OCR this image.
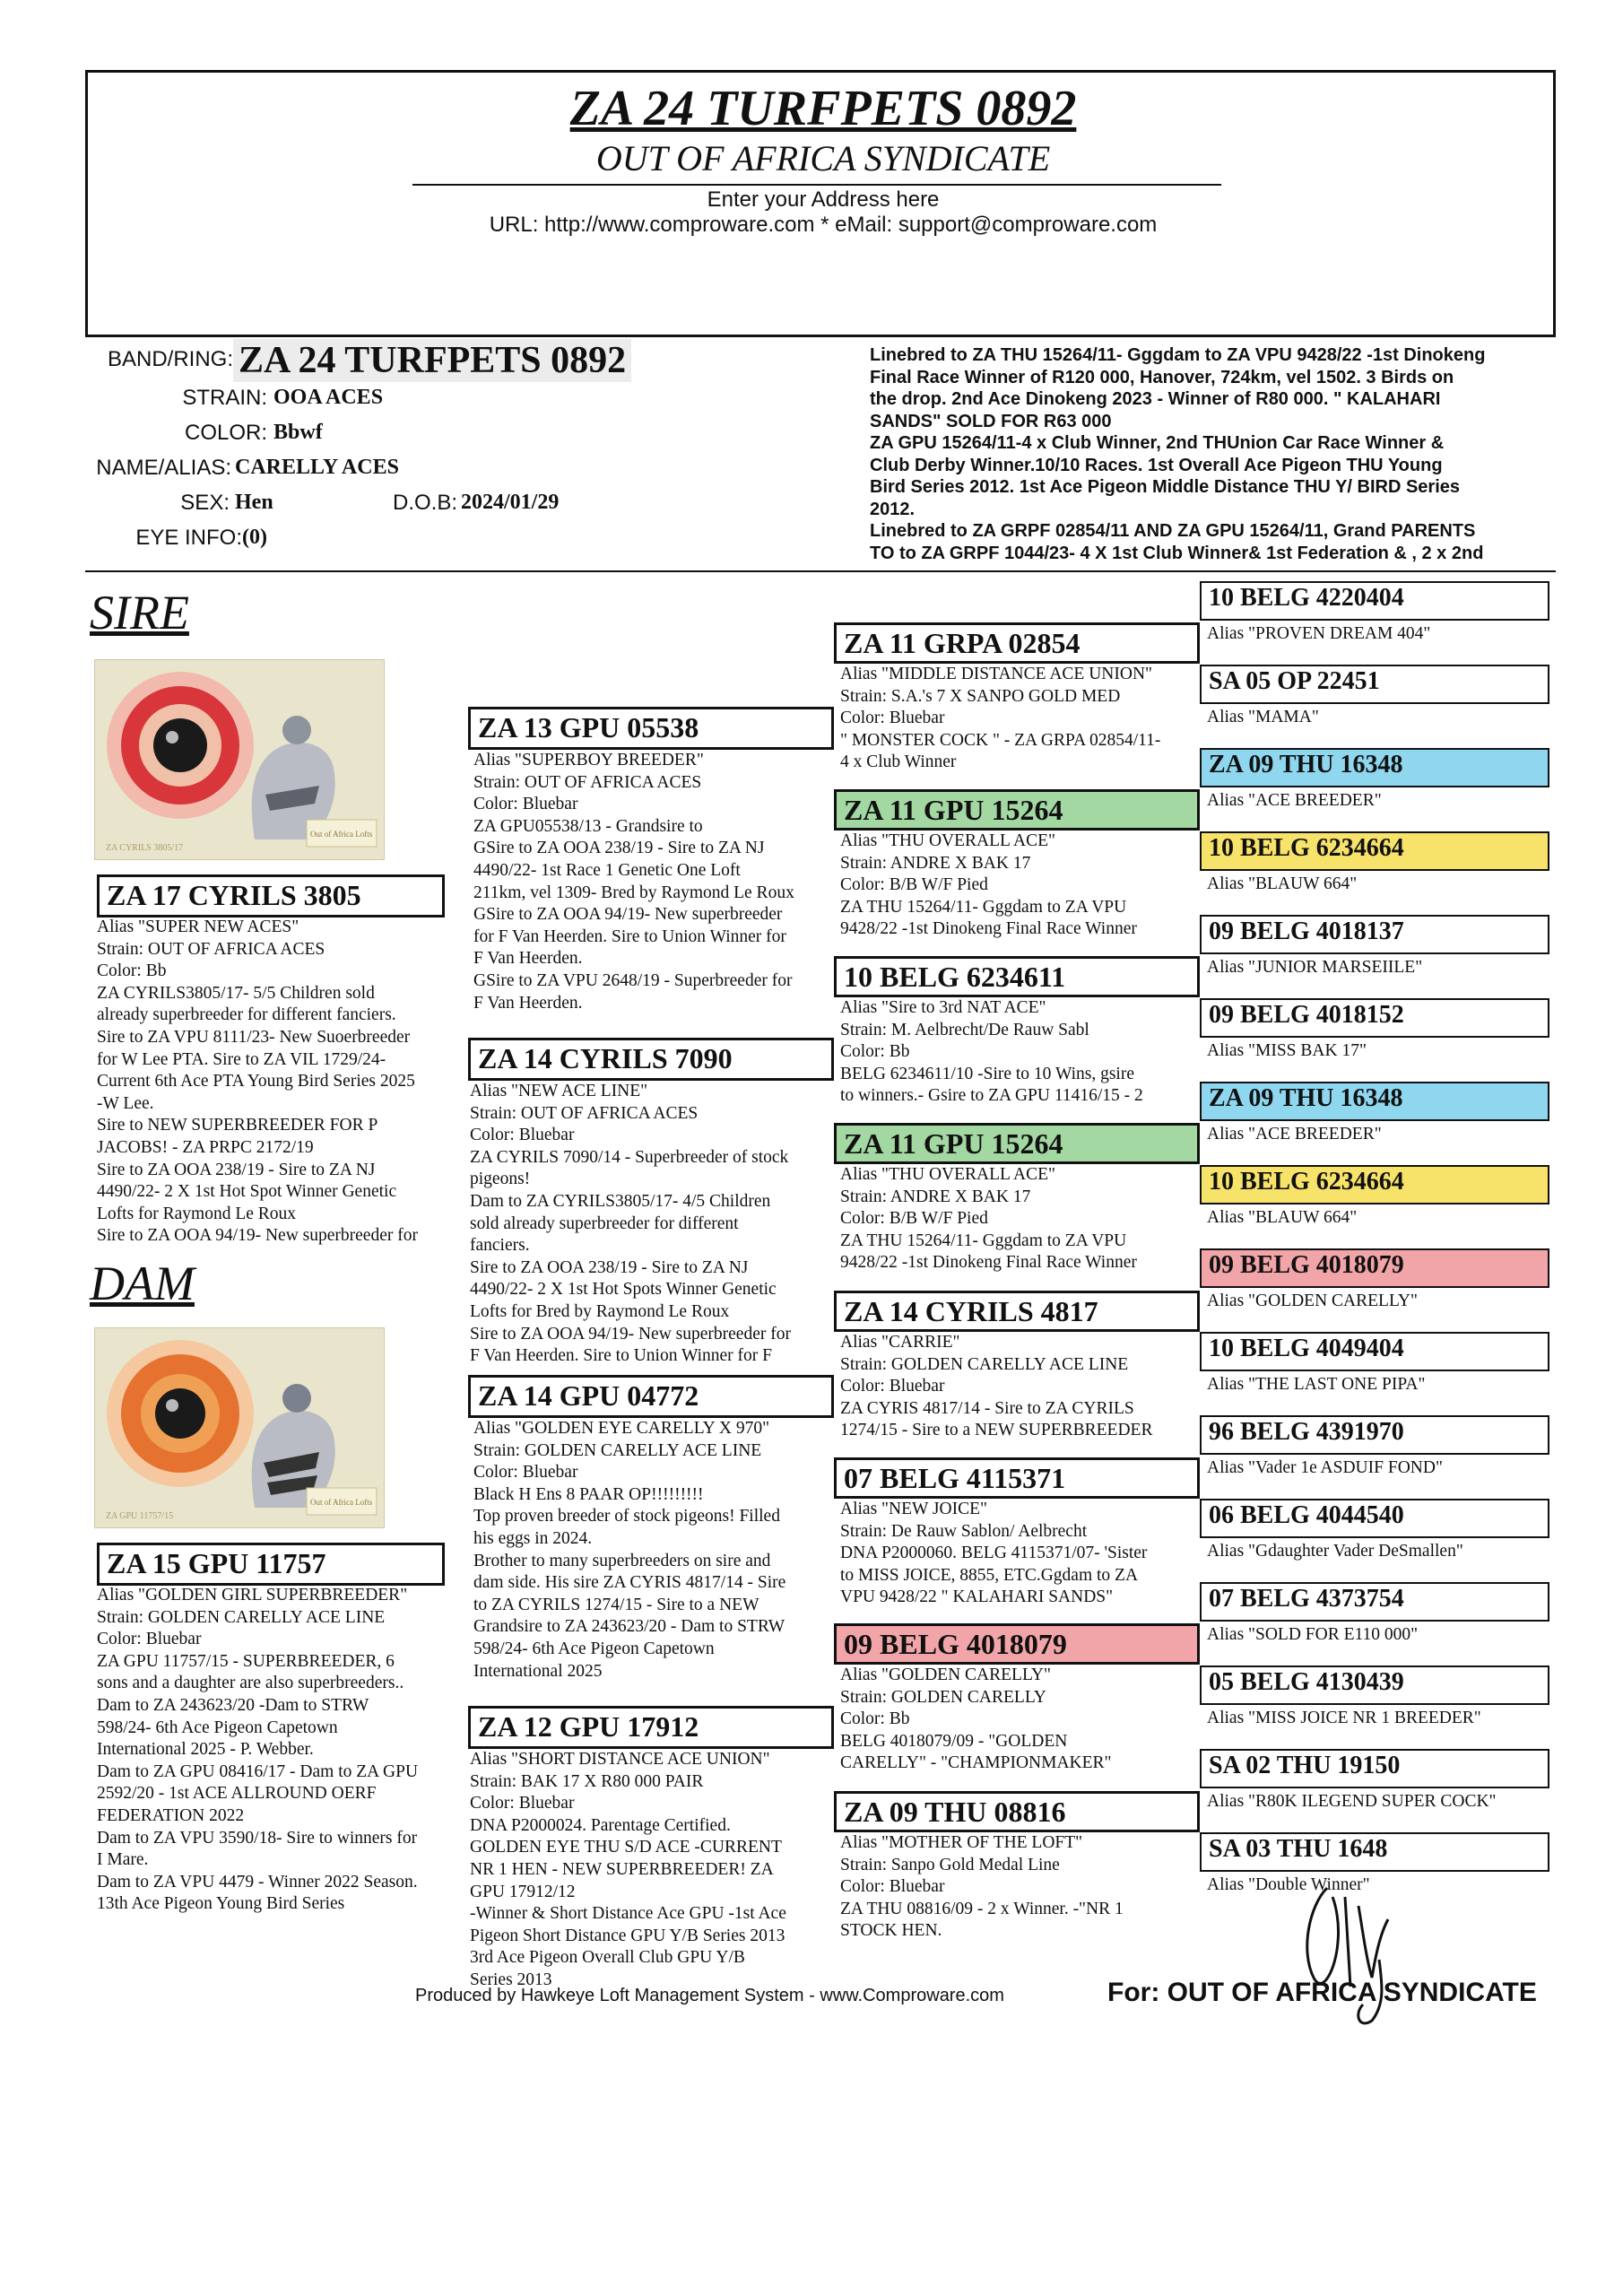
ZA 24 TURFPETS 0892
OUT OF AFRICA SYNDICATE
Enter your Address here
URL: http://www.comproware.com * eMail: support@comproware.com
BAND/RING: ZA 24 TURFPETS 0892
STRAIN: OOA ACES
COLOR: Bbwf
NAME/ALIAS: CARELLY ACES
SEX: Hen	D.O.B: 2024/01/29
EYE INFO: (0)
Linebred to ZA THU 15264/11- Gggdam to ZA VPU 9428/22 -1st Dinokeng
Final Race Winner of R120 000, Hanover, 724km, vel 1502. 3 Birds on
the drop. 2nd Ace Dinokeng 2023 - Winner of R80 000. " KALAHARI
SANDS" SOLD FOR R63 000
ZA GPU 15264/11-4 x Club Winner, 2nd THUnion Car Race Winner &
Club Derby Winner.10/10 Races. 1st Overall Ace Pigeon THU Young
Bird Series 2012. 1st Ace Pigeon Middle Distance THU Y/ BIRD Series
2012.
Linebred to ZA GRPF 02854/11 AND ZA GPU 15264/11, Grand PARENTS
TO to ZA GRPF 1044/23- 4 X 1st Club Winner& 1st Federation & , 2 x 2nd
SIRE
ZA CYRILS 3805/17
Out of Africa Lofts
ZA 17 CYRILS 3805
Alias "SUPER NEW ACES"
Strain: OUT OF AFRICA ACES
Color: Bb
ZA CYRILS3805/17- 5/5 Children sold
already superbreeder for different fanciers.
Sire to ZA VPU 8111/23- New Suoerbreeder
for W Lee PTA. Sire to ZA VIL 1729/24-
Current 6th Ace PTA Young Bird Series 2025
-W Lee.
Sire to NEW SUPERBREEDER FOR P
JACOBS! - ZA PRPC 2172/19
Sire to ZA OOA 238/19 - Sire to ZA NJ
4490/22- 2 X 1st Hot Spot Winner Genetic
Lofts for Raymond Le Roux
Sire to ZA OOA 94/19- New superbreeder for
DAM
ZA GPU 11757/15
Out of Africa Lofts
ZA 15 GPU 11757
Alias "GOLDEN GIRL SUPERBREEDER"
Strain: GOLDEN CARELLY ACE LINE
Color: Bluebar
ZA GPU 11757/15 - SUPERBREEDER, 6
sons and a daughter are also superbreeders..
Dam to ZA 243623/20 -Dam to STRW
598/24- 6th Ace Pigeon Capetown
International 2025 - P. Webber.
Dam to ZA GPU 08416/17 - Dam to ZA GPU
2592/20 - 1st ACE ALLROUND OERF
FEDERATION 2022
Dam to ZA VPU 3590/18- Sire to winners for
I Mare.
Dam to ZA VPU 4479 - Winner 2022 Season.
13th Ace Pigeon Young Bird Series
ZA 13 GPU 05538
Alias "SUPERBOY BREEDER"
Strain: OUT OF AFRICA ACES
Color: Bluebar
ZA GPU05538/13 - Grandsire to
GSire to ZA OOA 238/19 - Sire to ZA NJ
4490/22- 1st Race 1 Genetic One Loft
211km, vel 1309- Bred by Raymond Le Roux
GSire to ZA OOA 94/19- New superbreeder
for F Van Heerden. Sire to Union Winner for
F Van Heerden.
GSire to ZA VPU 2648/19 - Superbreeder for
F Van Heerden.
ZA 14 CYRILS 7090
Alias "NEW ACE LINE"
Strain: OUT OF AFRICA ACES
Color: Bluebar
ZA CYRILS 7090/14 - Superbreeder of stock
pigeons!
Dam to ZA CYRILS3805/17- 4/5 Children
sold already superbreeder for different
fanciers.
Sire to ZA OOA 238/19 - Sire to ZA NJ
4490/22- 2 X 1st Hot Spots Winner Genetic
Lofts for Bred by Raymond Le Roux
Sire to ZA OOA 94/19- New superbreeder for
F Van Heerden. Sire to Union Winner for F
ZA 14 GPU 04772
Alias "GOLDEN EYE CARELLY X 970"
Strain: GOLDEN CARELLY ACE LINE
Color: Bluebar
Black H Ens 8 PAAR OP!!!!!!!!!
Top proven breeder of stock pigeons! Filled
his eggs in 2024.
Brother to many superbreeders on sire and
dam side. His sire ZA CYRIS 4817/14 - Sire
to ZA CYRILS 1274/15 - Sire to a NEW
Grandsire to ZA 243623/20 - Dam to STRW
598/24- 6th Ace Pigeon Capetown
International 2025
ZA 12 GPU 17912
Alias "SHORT DISTANCE ACE UNION"
Strain: BAK 17 X R80 000 PAIR
Color: Bluebar
DNA P2000024. Parentage Certified.
GOLDEN EYE THU S/D ACE -CURRENT
NR 1 HEN - NEW SUPERBREEDER! ZA
GPU 17912/12
-Winner & Short Distance Ace GPU -1st Ace
Pigeon Short Distance GPU Y/B Series 2013
3rd Ace Pigeon Overall Club GPU Y/B
Series 2013
ZA 11 GRPA 02854
Alias "MIDDLE DISTANCE ACE UNION"
Strain: S.A.'s 7 X SANPO GOLD MED
Color: Bluebar
" MONSTER COCK " - ZA GRPA 02854/11-
4 x Club Winner
ZA 11 GPU 15264
Alias "THU OVERALL ACE"
Strain: ANDRE X BAK 17
Color: B/B W/F Pied
ZA THU 15264/11- Gggdam to ZA VPU
9428/22 -1st Dinokeng Final Race Winner
10 BELG 6234611
Alias "Sire to 3rd NAT ACE"
Strain: M. Aelbrecht/De Rauw Sabl
Color: Bb
BELG 6234611/10 -Sire to 10 Wins, gsire
to winners.- Gsire to ZA GPU 11416/15 - 2
ZA 11 GPU 15264
Alias "THU OVERALL ACE"
Strain: ANDRE X BAK 17
Color: B/B W/F Pied
ZA THU 15264/11- Gggdam to ZA VPU
9428/22 -1st Dinokeng Final Race Winner
ZA 14 CYRILS 4817
Alias "CARRIE"
Strain: GOLDEN CARELLY ACE LINE
Color: Bluebar
ZA CYRIS 4817/14 - Sire to ZA CYRILS
1274/15 - Sire to a NEW SUPERBREEDER
07 BELG 4115371
Alias "NEW JOICE"
Strain: De Rauw Sablon/ Aelbrecht
DNA P2000060. BELG 4115371/07- 'Sister
to MISS JOICE, 8855, ETC.Ggdam to ZA
VPU 9428/22 " KALAHARI SANDS"
09 BELG 4018079
Alias "GOLDEN CARELLY"
Strain: GOLDEN CARELLY
Color: Bb
BELG 4018079/09 - "GOLDEN
CARELLY" - "CHAMPIONMAKER"
ZA 09 THU 08816
Alias "MOTHER OF THE LOFT"
Strain: Sanpo Gold Medal Line
Color: Bluebar
ZA THU 08816/09 - 2 x Winner. -"NR 1
STOCK HEN.
10 BELG 4220404
Alias "PROVEN DREAM 404"
SA 05 OP 22451
Alias "MAMA"
ZA 09 THU 16348
Alias "ACE BREEDER"
10 BELG 6234664
Alias "BLAUW 664"
09 BELG 4018137
Alias "JUNIOR MARSEIILE"
09 BELG 4018152
Alias "MISS BAK 17"
ZA 09 THU 16348
Alias "ACE BREEDER"
10 BELG 6234664
Alias "BLAUW 664"
09 BELG 4018079
Alias "GOLDEN CARELLY"
10 BELG 4049404
Alias "THE LAST ONE PIPA"
96 BELG 4391970
Alias "Vader 1e ASDUIF FOND"
06 BELG 4044540
Alias "Gdaughter Vader DeSmallen"
07 BELG 4373754
Alias "SOLD FOR E110 000"
05 BELG 4130439
Alias "MISS JOICE NR 1 BREEDER"
SA 02 THU 19150
Alias "R80K ILEGEND SUPER COCK"
SA 03 THU 1648
Alias "Double Winner"
Produced by Hawkeye Loft Management System - www.Comproware.com	For: OUT OF AFRICA SYNDICATE
